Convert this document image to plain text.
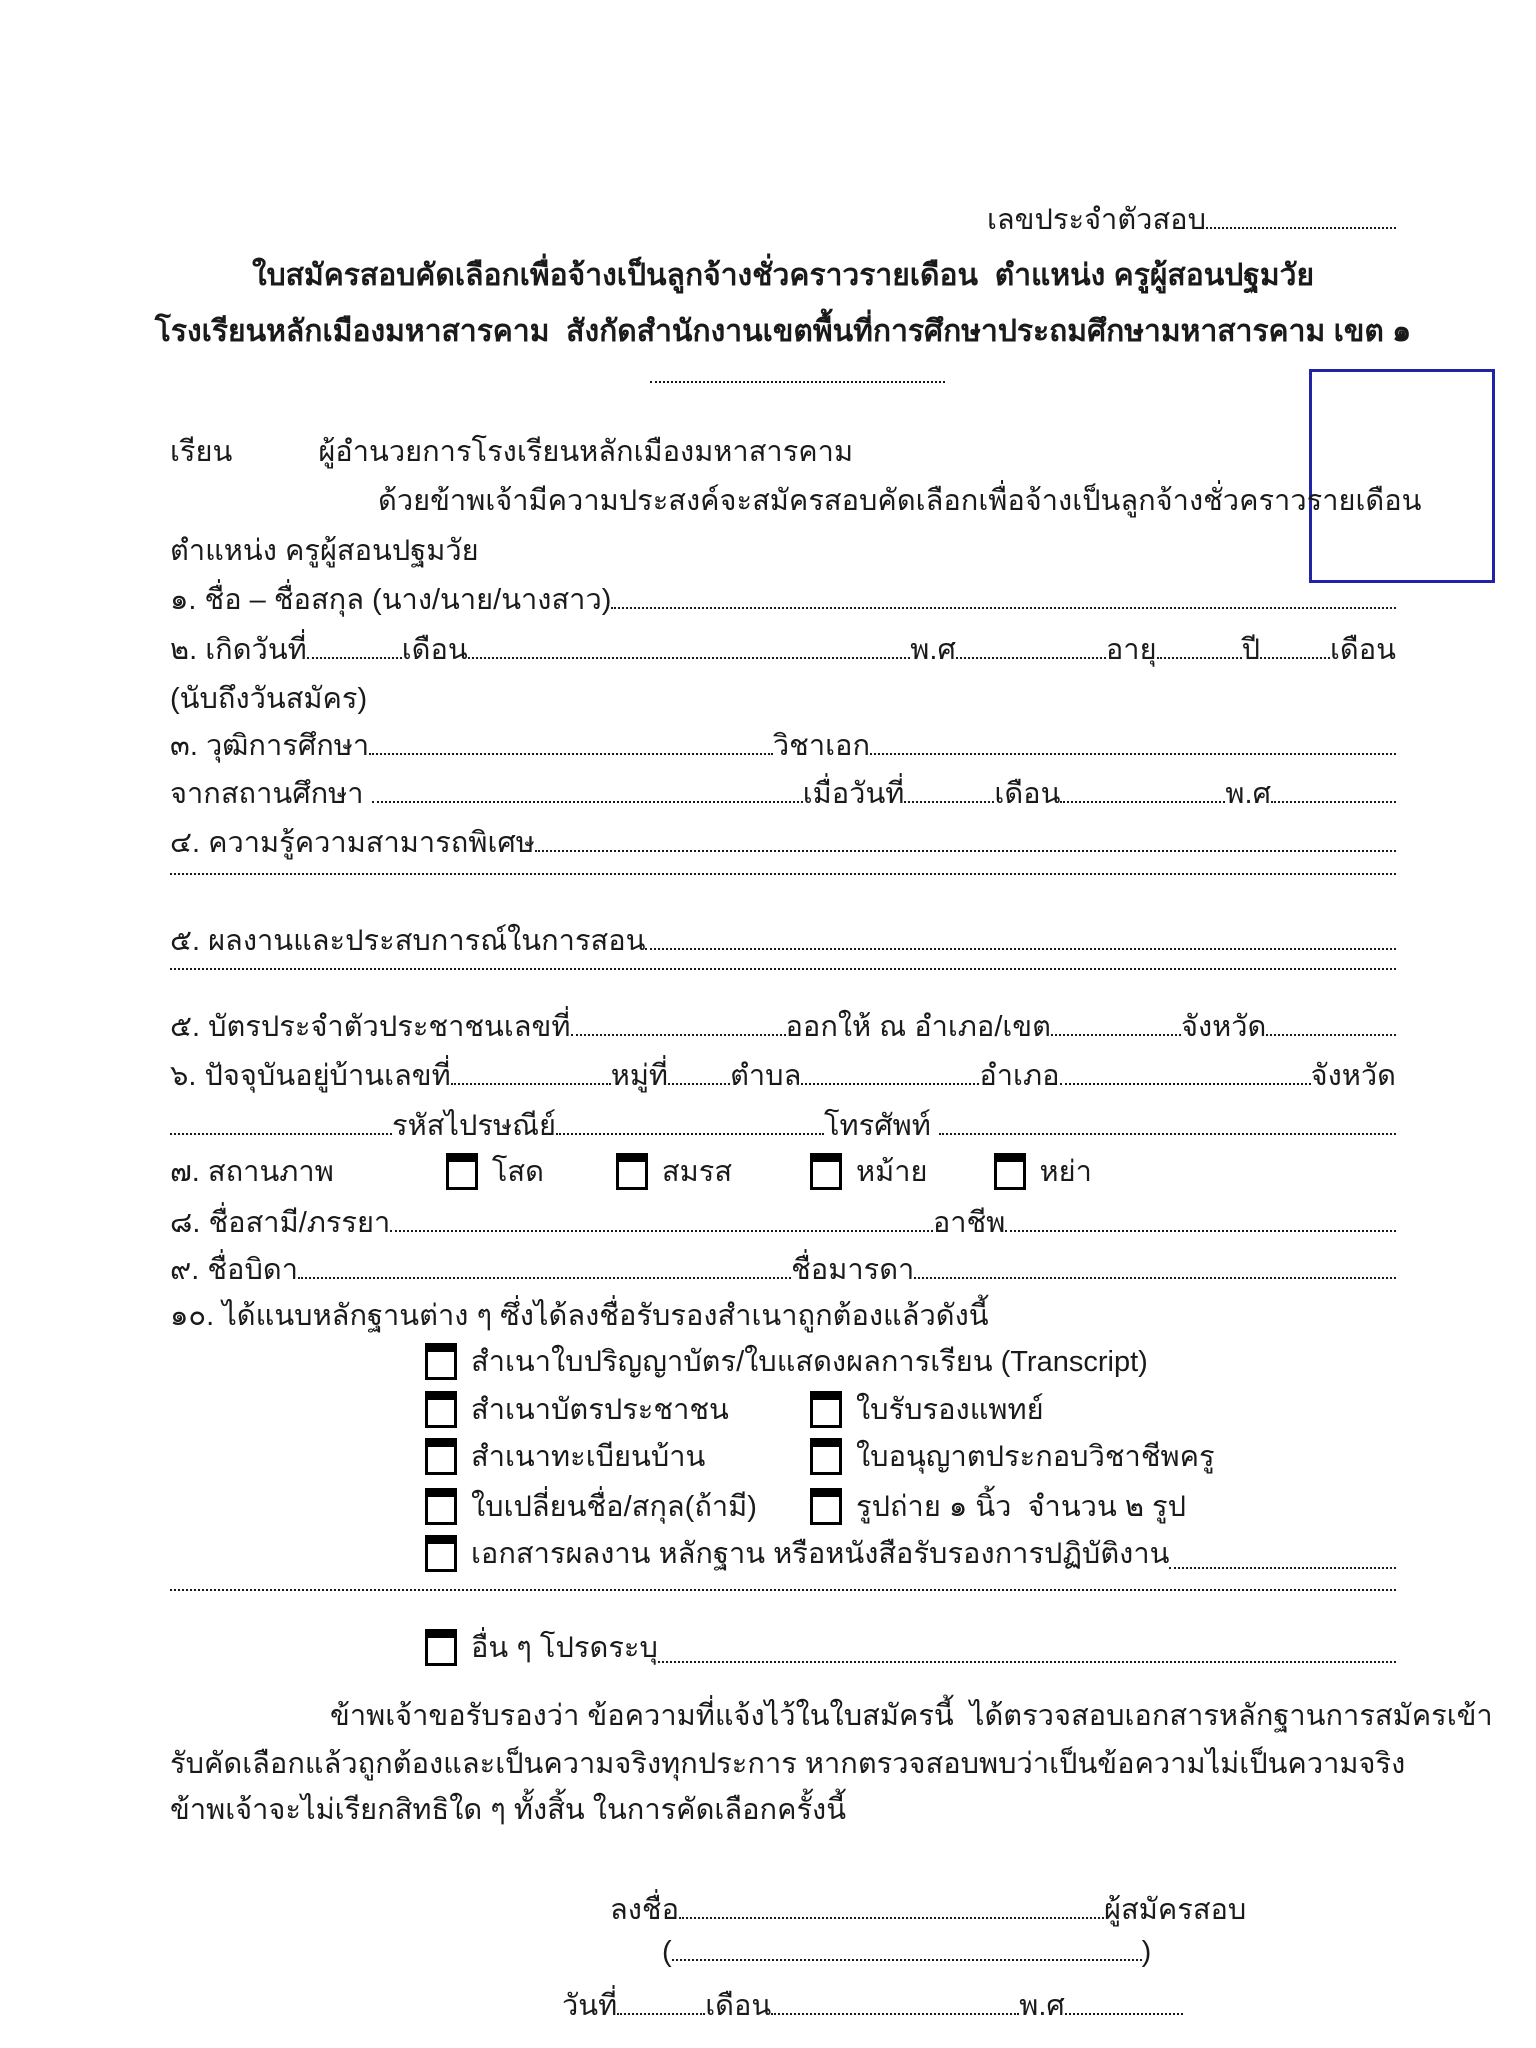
เลขประจำตัวสอบ
ใบสมัครสอบคัดเลือกเพื่อจ้างเป็นลูกจ้างชั่วคราวรายเดือน  ตำแหน่ง ครูผู้สอนปฐมวัย
โรงเรียนหลักเมืองมหาสารคาม  สังกัดสำนักงานเขตพื้นที่การศึกษาประถมศึกษามหาสารคาม เขต ๑
เรียน	ผู้อำนวยการโรงเรียนหลักเมืองมหาสารคาม
ด้วยข้าพเจ้ามีความประสงค์จะสมัครสอบคัดเลือกเพื่อจ้างเป็นลูกจ้างชั่วคราวรายเดือน
ตำแหน่ง ครูผู้สอนปฐมวัย
๑. ชื่อ – ชื่อสกุล (นาง/นาย/นางสาว)
๒. เกิดวันที่	เดือน	พ.ศ	อายุ	ปี เดือน
(นับถึงวันสมัคร)
๓. วุฒิการศึกษา	วิชาเอก
จากสถานศึกษา	เมื่อวันที่	เดือน	พ.ศ
๔. ความรู้ความสามารถพิเศษ
๕. ผลงานและประสบการณ์ในการสอน
๕. บัตรประจำตัวประชาชนเลขที่	ออกให้ ณ อำเภอ/เขต	จังหวัด
๖. ปัจจุบันอยู่บ้านเลขที่	หมู่ที่ ตำบล	อำเภอ	จังหวัด
รหัสไปรษณีย์	โทรศัพท์
๗. สถานภาพ	โสด	สมรส	หม้าย	หย่า
๘. ชื่อสามี/ภรรยา	อาชีพ
๙. ชื่อบิดา	ชื่อมารดา
๑๐. ได้แนบหลักฐานต่าง ๆ ซึ่งได้ลงชื่อรับรองสำเนาถูกต้องแล้วดังนี้
สำเนาใบปริญญาบัตร/ใบแสดงผลการเรียน (Transcript)
สำเนาบัตรประชาชน	ใบรับรองแพทย์
สำเนาทะเบียนบ้าน	ใบอนุญาตประกอบวิชาชีพครู
ใบเปลี่ยนชื่อ/สกุล(ถ้ามี)	รูปถ่าย ๑ นิ้ว  จำนวน ๒ รูป
เอกสารผลงาน หลักฐาน หรือหนังสือรับรองการปฏิบัติงาน
อื่น ๆ โปรดระบุ
ข้าพเจ้าขอรับรองว่า ข้อความที่แจ้งไว้ในใบสมัครนี้  ได้ตรวจสอบเอกสารหลักฐานการสมัครเข้า
รับคัดเลือกแล้วถูกต้องและเป็นความจริงทุกประการ หากตรวจสอบพบว่าเป็นข้อความไม่เป็นความจริง
ข้าพเจ้าจะไม่เรียกสิทธิใด ๆ ทั้งสิ้น ในการคัดเลือกครั้งนี้
ลงชื่อ	ผู้สมัครสอบ
(	)
วันที่	เดือน	พ.ศ
